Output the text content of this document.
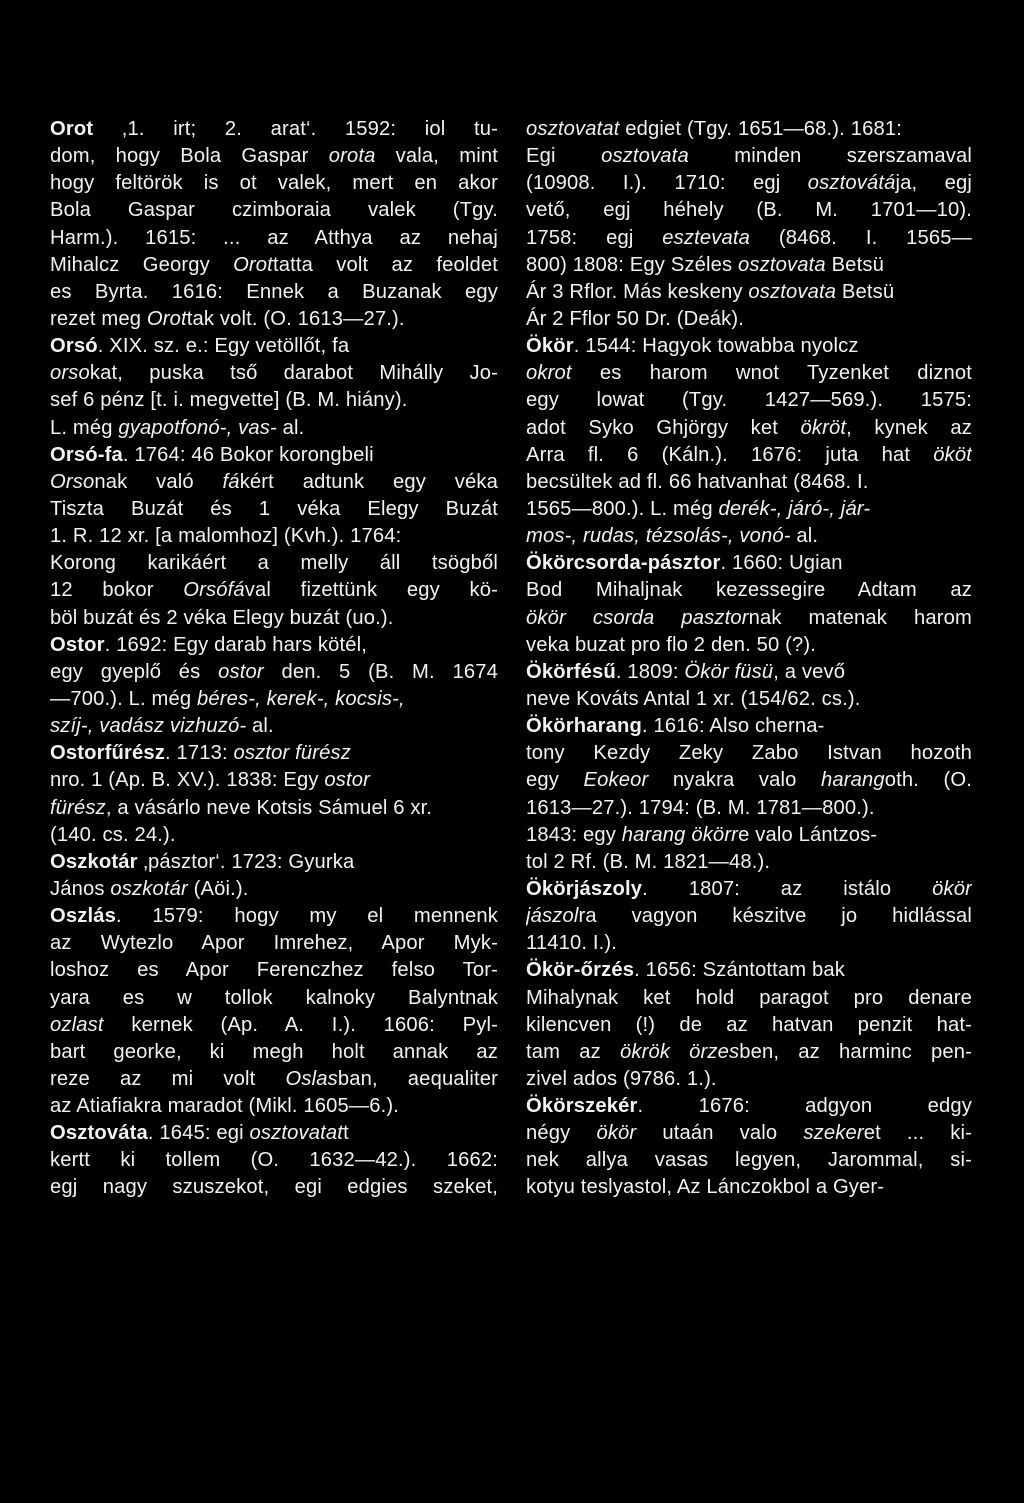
Orot ,1. irt; 2. arat‘. 1592: iol tu-
dom, hogy Bola Gaspar orota vala, mint
hogy feltörök is ot valek, mert en akor
Bola Gaspar czimboraia valek (Tgy.
Harm.). 1615: ... az Atthya az nehaj
Mihalcz Georgy Orottatta volt az feoldet
es Byrta. 1616: Ennek a Buzanak egy
rezet meg Orottak volt. (O. 1613—27.).
Orsó. XIX. sz. e.: Egy vetöllőt, fa
orsokat, puska tső darabot Mihálly Jo-
sef 6 pénz [t. i. megvette] (B. M. hiány).
L. még gyapotfonó-, vas- al.
Orsó-fa. 1764: 46 Bokor korongbeli
Orsonak való fákért adtunk egy véka
Tiszta Buzát és 1 véka Elegy Buzát
1. R. 12 xr. [a malomhoz] (Kvh.). 1764:
Korong karikáért a melly áll tsögből
12 bokor Orsófával fizettünk egy kö-
böl buzát és 2 véka Elegy buzát (uo.).
Ostor. 1692: Egy darab hars kötél,
egy gyeplő és ostor den. 5 (B. M. 1674
—700.). L. még béres-, kerek-, kocsis-,
szíj-, vadász vizhuzó- al.
Ostorfűrész. 1713: osztor fürész
nro. 1 (Ap. B. XV.). 1838: Egy ostor
fürész, a vásárlo neve Kotsis Sámuel 6 xr.
(140. cs. 24.).
Oszkotár ‚pásztor‘. 1723: Gyurka
János oszkotár (Aöi.).
Oszlás. 1579: hogy my el mennenk
az Wytezlo Apor Imrehez, Apor Myk-
loshoz es Apor Ferenczhez felso Tor-
yara es w tollok kalnoky Balyntnak
ozlast kernek (Ap. A. I.). 1606: Pyl-
bart georke, ki megh holt annak az
reze az mi volt Oslasban, aequaliter
az Atiafiakra maradot (Mikl. 1605—6.).
Osztováta. 1645: egi osztovatatt
kertt ki tollem (O. 1632—42.). 1662:
egj nagy szuszekot, egi edgies szeket,
osztovatat edgiet (Tgy. 1651—68.). 1681:
Egi osztovata minden szerszamaval
(10908. I.). 1710: egj osztovátája, egj
vető, egj héhely (B. M. 1701—10).
1758: egj esztevata (8468. I. 1565—
800) 1808: Egy Széles osztovata Betsü
Ár 3 Rflor. Más keskeny osztovata Betsü
Ár 2 Fflor 50 Dr. (Deák).
Ökör. 1544: Hagyok towabba nyolcz
okrot es harom wnot Tyzenket diznot
egy lowat (Tgy. 1427—569.). 1575:
adot Syko Ghjörgy ket ökröt, kynek az
Arra fl. 6 (Káln.). 1676: juta hat ököt
becsültek ad fl. 66 hatvanhat (8468. I.
1565—800.). L. még derék-, járó-, jár-
mos-, rudas, tézsolás-, vonó- al.
Ökörcsorda-pásztor. 1660: Ugian
Bod Mihaljnak kezessegire Adtam az
ökör csorda pasztornak matenak harom
veka buzat pro flo 2 den. 50 (?).
Ökörfésű. 1809: Ökör füsü, a vevő
neve Kováts Antal 1 xr. (154/62. cs.).
Ökörharang. 1616: Also cherna-
tony Kezdy Zeky Zabo Istvan hozoth
egy Eokeor nyakra valo harangoth. (O.
1613—27.). 1794: (B. M. 1781—800.).
1843: egy harang ökörre valo Lántzos-
tol 2 Rf. (B. M. 1821—48.).
Ökörjászoly. 1807: az istálo ökör
jászolra vagyon készitve jo hidlással
11410. I.).
Ökör-őrzés. 1656: Szántottam bak
Mihalynak ket hold paragot pro denare
kilencven (!) de az hatvan penzit hat-
tam az ökrök örzesben, az harminc pen-
zivel ados (9786. 1.).
Ökörszekér. 1676: adgyon edgy
négy ökör utaán valo szekeret ... ki-
nek allya vasas legyen, Jarommal, si-
kotyu teslyastol, Az Lánczokbol a Gyer-
